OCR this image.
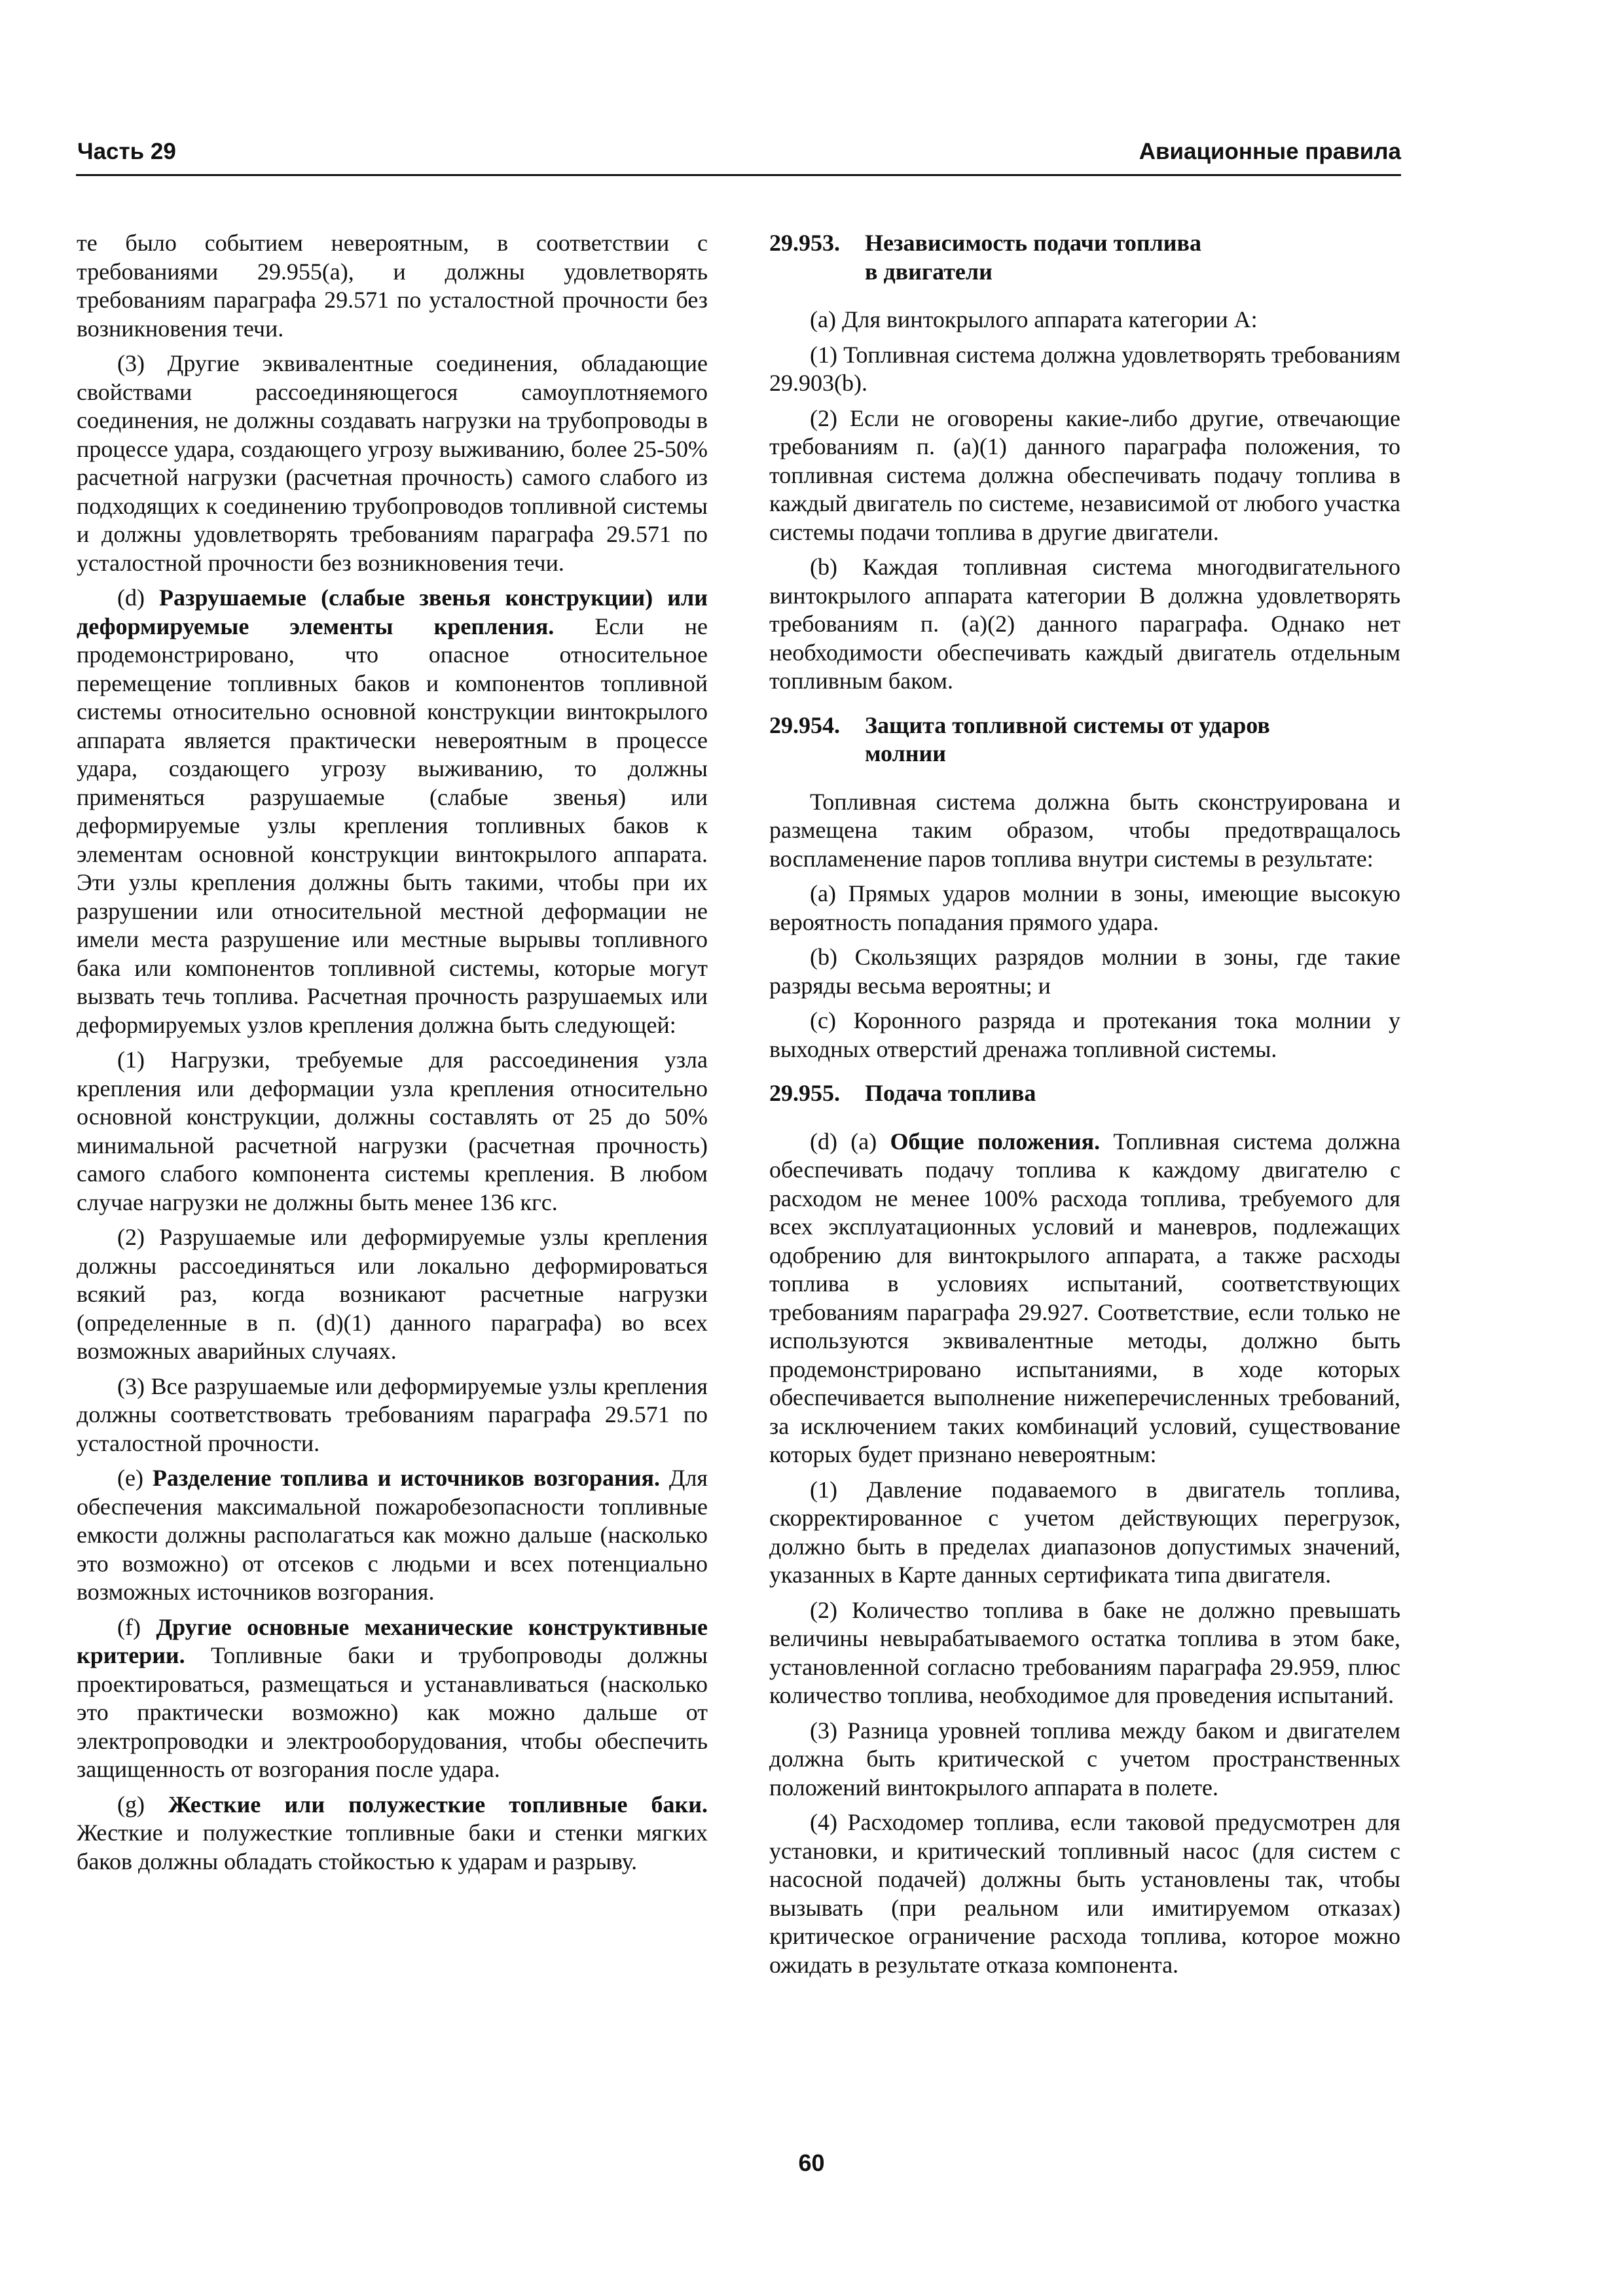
Часть 29	Авиационные правила

те было событием невероятным, в соответствии с требованиями 29.955(a), и должны удовлетворять требованиям параграфа 29.571 по усталостной прочности без возникновения течи.

(3) Другие эквивалентные соединения, обладающие свойствами рассоединяющегося самоуплотняемого соединения, не должны создавать нагрузки на трубопроводы в процессе удара, создающего угрозу выживанию, более 25-50% расчетной нагрузки (расчетная прочность) самого слабого из подходящих к соединению трубопроводов топливной системы и должны удовлетворять требованиям параграфа 29.571 по усталостной прочности без возникновения течи.

(d) Разрушаемые (слабые звенья конструкции) или деформируемые элементы крепления. Если не продемонстрировано, что опасное относительное перемещение топливных баков и компонентов топливной системы относительно основной конструкции винтокрылого аппарата является практически невероятным в процессе удара, создающего угрозу выживанию, то должны применяться разрушаемые (слабые звенья) или деформируемые узлы крепления топливных баков к элементам основной конструкции винтокрылого аппарата. Эти узлы крепления должны быть такими, чтобы при их разрушении или относительной местной деформации не имели места разрушение или местные вырывы топливного бака или компонентов топливной системы, которые могут вызвать течь топлива. Расчетная прочность разрушаемых или деформируемых узлов крепления должна быть следующей:

(1) Нагрузки, требуемые для рассоединения узла крепления или деформации узла крепления относительно основной конструкции, должны составлять от 25 до 50% минимальной расчетной нагрузки (расчетная прочность) самого слабого компонента системы крепления. В любом случае нагрузки не должны быть менее 136 кгс.

(2) Разрушаемые или деформируемые узлы крепления должны рассоединяться или локально деформироваться всякий раз, когда возникают расчетные нагрузки (определенные в п. (d)(1) данного параграфа) во всех возможных аварийных случаях.

(3) Все разрушаемые или деформируемые узлы крепления должны соответствовать требованиям параграфа 29.571 по усталостной прочности.

(e) Разделение топлива и источников возгорания. Для обеспечения максимальной пожаробезопасности топливные емкости должны располагаться как можно дальше (насколько это возможно) от отсеков с людьми и всех потенциально возможных источников возгорания.

(f) Другие основные механические конструктивные критерии. Топливные баки и трубопроводы должны проектироваться, размещаться и устанавливаться (насколько это практически возможно) как можно дальше от электропроводки и электрооборудования, чтобы обеспечить защищенность от возгорания после удара.

(g) Жесткие или полужесткие топливные баки. Жесткие и полужесткие топливные баки и стенки мягких баков должны обладать стойкостью к ударам и разрыву.

29.953. Независимость подачи топлива
в двигатели

(a) Для винтокрылого аппарата категории А:

(1) Топливная система должна удовлетворять требованиям 29.903(b).

(2) Если не оговорены какие-либо другие, отвечающие требованиям п. (a)(1) данного параграфа положения, то топливная система должна обеспечивать подачу топлива в каждый двигатель по системе, независимой от любого участка системы подачи топлива в другие двигатели.

(b) Каждая топливная система многодвигательного винтокрылого аппарата категории В должна удовлетворять требованиям п. (a)(2) данного параграфа. Однако нет необходимости обеспечивать каждый двигатель отдельным топливным баком.

29.954. Защита топливной системы от ударов
молнии

Топливная система должна быть сконструирована и размещена таким образом, чтобы предотвращалось воспламенение паров топлива внутри системы в результате:

(a) Прямых ударов молнии в зоны, имеющие высокую вероятность попадания прямого удара.

(b) Скользящих разрядов молнии в зоны, где такие разряды весьма вероятны; и

(c) Коронного разряда и протекания тока молнии у выходных отверстий дренажа топливной системы.

29.955. Подача топлива

(d) (a) Общие положения. Топливная система должна обеспечивать подачу топлива к каждому двигателю с расходом не менее 100% расхода топлива, требуемого для всех эксплуатационных условий и маневров, подлежащих одобрению для винтокрылого аппарата, а также расходы топлива в условиях испытаний, соответствующих требованиям параграфа 29.927. Соответствие, если только не используются эквивалентные методы, должно быть продемонстрировано испытаниями, в ходе которых обеспечивается выполнение нижеперечисленных требований, за исключением таких комбинаций условий, существование которых будет признано невероятным:

(1) Давление подаваемого в двигатель топлива, скорректированное с учетом действующих перегрузок, должно быть в пределах диапазонов допустимых значений, указанных в Карте данных сертификата типа двигателя.

(2) Количество топлива в баке не должно превышать величины невырабатываемого остатка топлива в этом баке, установленной согласно требованиям параграфа 29.959, плюс количество топлива, необходимое для проведения испытаний.

(3) Разница уровней топлива между баком и двигателем должна быть критической с учетом пространственных положений винтокрылого аппарата в полете.

(4) Расходомер топлива, если таковой предусмотрен для установки, и критический топливный насос (для систем с насосной подачей) должны быть установлены так, чтобы вызывать (при реальном или имитируемом отказах) критическое ограничение расхода топлива, которое можно ожидать в результате отказа компонента.

60
